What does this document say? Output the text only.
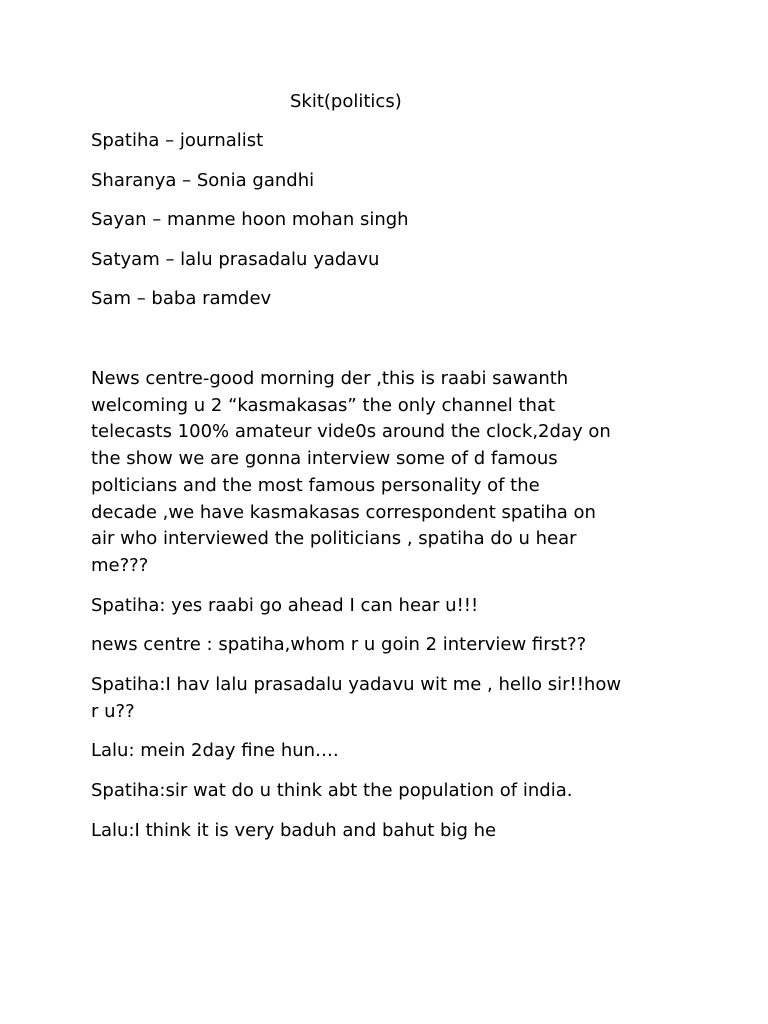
Skit(politics)
Spatiha – journalist
Sharanya – Sonia gandhi
Sayan – manme hoon mohan singh
Satyam – lalu prasadalu yadavu
Sam – baba ramdev

News centre-good morning der ,this is raabi sawanth
welcoming u 2 “kasmakasas” the only channel that
telecasts 100% amateur vide0s around the clock,2day on
the show we are gonna interview some of d famous
polticians and the most famous personality of the
decade ,we have kasmakasas correspondent spatiha on
air who interviewed the politicians , spatiha do u hear
me???

Spatiha: yes raabi go ahead I can hear u!!!

news centre : spatiha,whom r u goin 2 interview first??

Spatiha:I hav lalu prasadalu yadavu wit me , hello sir!!how
r u??

Lalu: mein 2day fine hun….

Spatiha:sir wat do u think abt the population of india.

Lalu:I think it is very baduh and bahut big he
